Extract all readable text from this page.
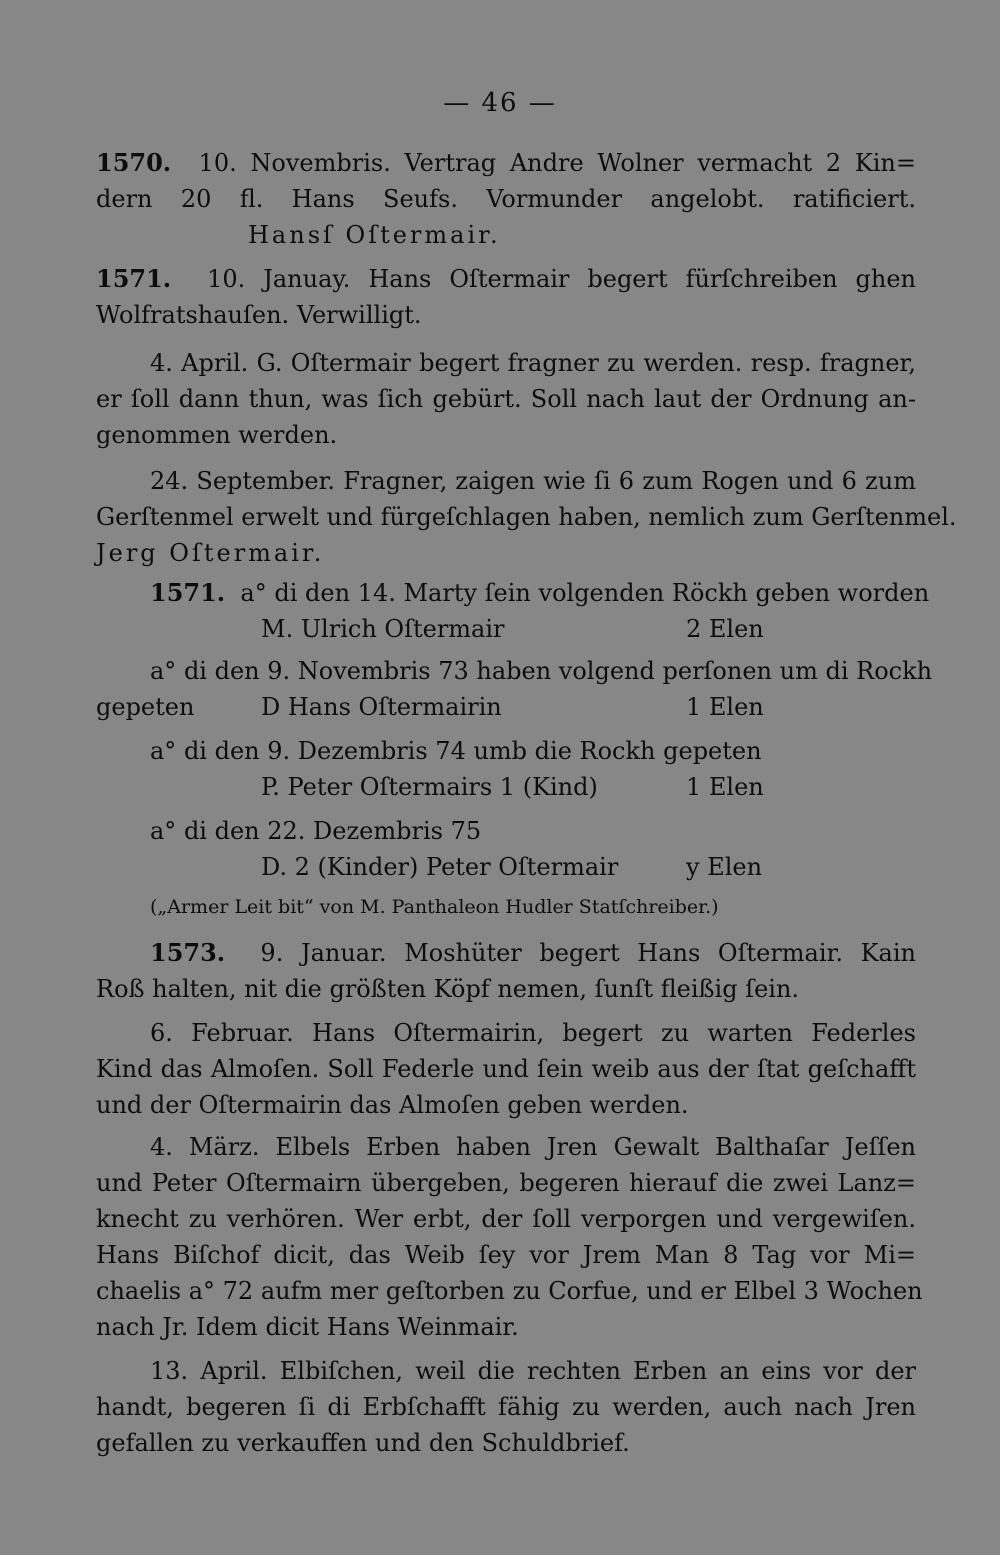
— 46 —
1570. 10. Novembris. Vertrag Andre Wolner vermacht 2 Kin=
dern 20 fl. Hans Seufs. Vormunder angelobt. ratificiert.
Hansſ Oſtermair.
1571. 10. Januay. Hans Oſtermair begert fürſchreiben ghen
Wolfratshauſen. Verwilligt.
4. April. G. Oſtermair begert fragner zu werden. resp. fragner,
er ſoll dann thun, was ſich gebürt. Soll nach laut der Ordnung an-
genommen werden.
24. September. Fragner, zaigen wie ſi 6 zum Rogen und 6 zum
Gerſtenmel erwelt und fürgeſchlagen haben, nemlich zum Gerſtenmel.
Jerg Oſtermair.
1571. a° di den 14. Marty ſein volgenden Röckh geben worden
M. Ulrich Oſtermair	2 Elen
a° di den 9. Novembris 73 haben volgend perſonen um di Rockh
gepeten	D Hans Oſtermairin	1 Elen
a° di den 9. Dezembris 74 umb die Rockh gepeten
P. Peter Oſtermairs 1 (Kind)	1 Elen
a° di den 22. Dezembris 75
D. 2 (Kinder) Peter Oſtermair	y Elen
(„Armer Leit bit“ von M. Panthaleon Hudler Statſchreiber.)
1573. 9. Januar. Moshüter begert Hans Oſtermair. Kain
Roß halten, nit die größten Köpf nemen, ſunſt fleißig ſein.
6. Februar. Hans Oſtermairin, begert zu warten Federles
Kind das Almoſen. Soll Federle und ſein weib aus der ſtat geſchafft
und der Oſtermairin das Almoſen geben werden.
4. März. Elbels Erben haben Jren Gewalt Balthaſar Jeſſen
und Peter Oſtermairn übergeben, begeren hierauf die zwei Lanz=
knecht zu verhören. Wer erbt, der ſoll verporgen und vergewiſen.
Hans Biſchof dicit, das Weib ſey vor Jrem Man 8 Tag vor Mi=
chaelis a° 72 aufm mer geſtorben zu Corfue, und er Elbel 3 Wochen
nach Jr. Idem dicit Hans Weinmair.
13. April. Elbiſchen, weil die rechten Erben an eins vor der
handt, begeren ſi di Erbſchafft fähig zu werden, auch nach Jren
gefallen zu verkauffen und den Schuldbrief.
